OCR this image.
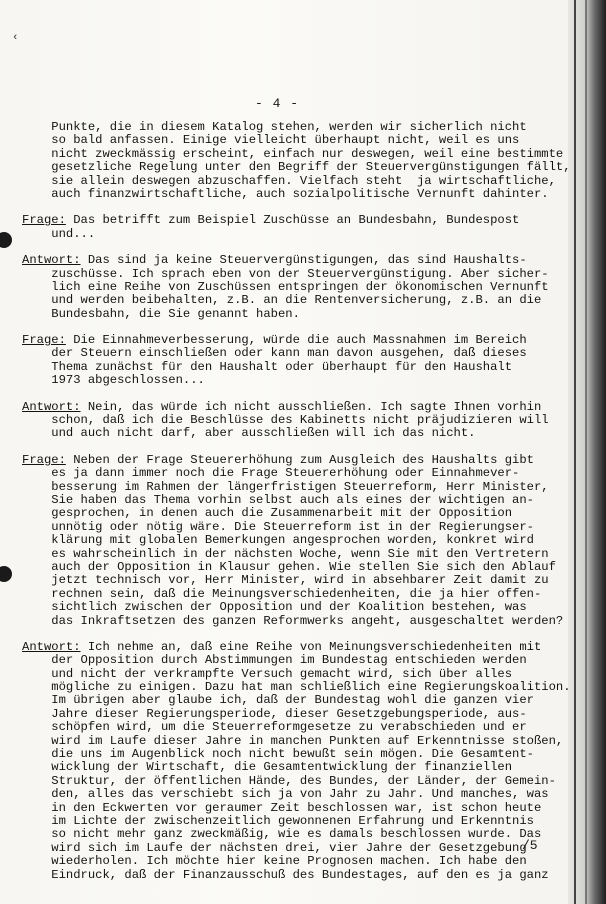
‹
- 4 -
Punkte, die in diesem Katalog stehen, werden wir sicherlich nicht
so bald anfassen. Einige vielleicht überhaupt nicht, weil es uns
nicht zweckmässig erscheint, einfach nur deswegen, weil eine bestimmte
gesetzliche Regelung unter den Begriff der Steuervergünstigungen fällt,
sie allein deswegen abzuschaffen. Vielfach steht  ja wirtschaftliche,
auch finanzwirtschaftliche, auch sozialpolitische Vernunft dahinter.
Frage: Das betrifft zum Beispiel Zuschüsse an Bundesbahn, Bundespost
und...
Antwort: Das sind ja keine Steuervergünstigungen, das sind Haushalts-
zuschüsse. Ich sprach eben von der Steuervergünstigung. Aber sicher-
lich eine Reihe von Zuschüssen entspringen der ökonomischen Vernunft
und werden beibehalten, z.B. an die Rentenversicherung, z.B. an die
Bundesbahn, die Sie genannt haben.
Frage: Die Einnahmeverbesserung, würde die auch Massnahmen im Bereich
der Steuern einschließen oder kann man davon ausgehen, daß dieses
Thema zunächst für den Haushalt oder überhaupt für den Haushalt
1973 abgeschlossen...
Antwort: Nein, das würde ich nicht ausschließen. Ich sagte Ihnen vorhin
schon, daß ich die Beschlüsse des Kabinetts nicht präjudizieren will
und auch nicht darf, aber ausschließen will ich das nicht.
Frage: Neben der Frage Steuererhöhung zum Ausgleich des Haushalts gibt
es ja dann immer noch die Frage Steuererhöhung oder Einnahmever-
besserung im Rahmen der längerfristigen Steuerreform, Herr Minister,
Sie haben das Thema vorhin selbst auch als eines der wichtigen an-
gesprochen, in denen auch die Zusammenarbeit mit der Opposition
unnötig oder nötig wäre. Die Steuerreform ist in der Regierungser-
klärung mit globalen Bemerkungen angesprochen worden, konkret wird
es wahrscheinlich in der nächsten Woche, wenn Sie mit den Vertretern
auch der Opposition in Klausur gehen. Wie stellen Sie sich den Ablauf
jetzt technisch vor, Herr Minister, wird in absehbarer Zeit damit zu
rechnen sein, daß die Meinungsverschiedenheiten, die ja hier offen-
sichtlich zwischen der Opposition und der Koalition bestehen, was
das Inkraftsetzen des ganzen Reformwerks angeht, ausgeschaltet werden?
Antwort: Ich nehme an, daß eine Reihe von Meinungsverschiedenheiten mit
der Opposition durch Abstimmungen im Bundestag entschieden werden
und nicht der verkrampfte Versuch gemacht wird, sich über alles
mögliche zu einigen. Dazu hat man schließlich eine Regierungskoalition.
Im übrigen aber glaube ich, daß der Bundestag wohl die ganzen vier
Jahre dieser Regierungsperiode, dieser Gesetzgebungsperiode, aus-
schöpfen wird, um die Steuerreformgesetze zu verabschieden und er
wird im Laufe dieser Jahre in manchen Punkten auf Erkenntnisse stoßen,
die uns im Augenblick noch nicht bewußt sein mögen. Die Gesamtent-
wicklung der Wirtschaft, die Gesamtentwicklung der finanziellen
Struktur, der öffentlichen Hände, des Bundes, der Länder, der Gemein-
den, alles das verschiebt sich ja von Jahr zu Jahr. Und manches, was
in den Eckwerten vor geraumer Zeit beschlossen war, ist schon heute
im Lichte der zwischenzeitlich gewonnenen Erfahrung und Erkenntnis
so nicht mehr ganz zweckmäßig, wie es damals beschlossen wurde. Das
wird sich im Laufe der nächsten drei, vier Jahre der Gesetzgebung
wiederholen. Ich möchte hier keine Prognosen machen. Ich habe den
Eindruck, daß der Finanzausschuß des Bundestages, auf den es ja ganz
/5
